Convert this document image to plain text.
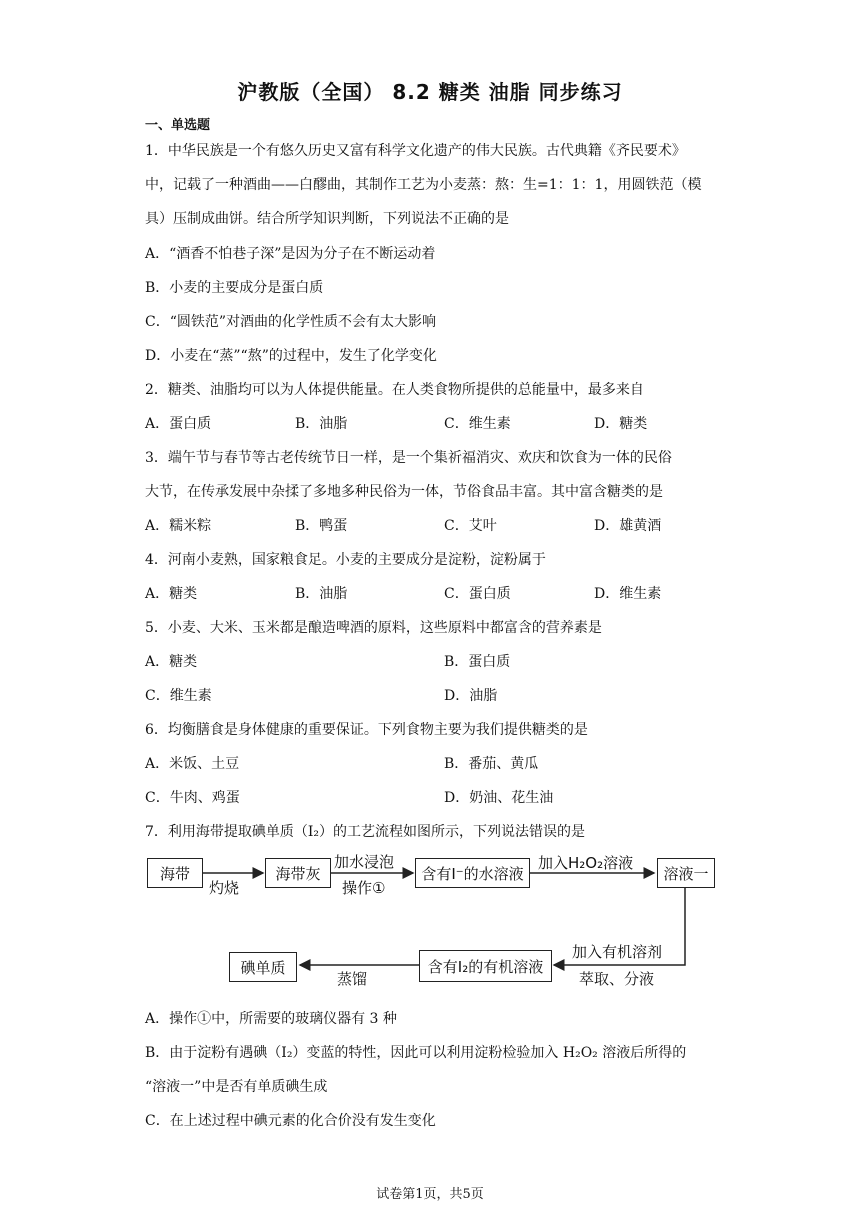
沪教版（全国） 8.2 糖类 油脂 同步练习
一、单选题
1．中华民族是一个有悠久历史又富有科学文化遗产的伟大民族。古代典籍《齐民要术》
中，记载了一种酒曲——白醪曲，其制作工艺为小麦蒸：熬：生=1：1：1，用圆铁范（模
具）压制成曲饼。结合所学知识判断，下列说法不正确的是
A．“酒香不怕巷子深”是因为分子在不断运动着
B．小麦的主要成分是蛋白质
C．“圆铁范”对酒曲的化学性质不会有太大影响
D．小麦在“蒸”“熬”的过程中，发生了化学变化
2．糖类、油脂均可以为人体提供能量。在人类食物所提供的总能量中，最多来自
A．蛋白质	B．油脂	C．维生素	D．糖类
3．端午节与春节等古老传统节日一样，是一个集祈福消灾、欢庆和饮食为一体的民俗
大节，在传承发展中杂揉了多地多种民俗为一体，节俗食品丰富。其中富含糖类的是
A．糯米粽	B．鸭蛋	C．艾叶	D．雄黄酒
4．河南小麦熟，国家粮食足。小麦的主要成分是淀粉，淀粉属于
A．糖类	B．油脂	C．蛋白质	D．维生素
5．小麦、大米、玉米都是酿造啤酒的原料，这些原料中都富含的营养素是
A．糖类	B．蛋白质
C．维生素	D．油脂
6．均衡膳食是身体健康的重要保证。下列食物主要为我们提供糖类的是
A．米饭、土豆	B．番茄、黄瓜
C．牛肉、鸡蛋	D．奶油、花生油
7．利用海带提取碘单质（I₂）的工艺流程如图所示，下列说法错误的是
海带
灼烧
海带灰
加水浸泡
操作①
含有I⁻的水溶液
加入H₂O₂溶液
溶液一
加入有机溶剂
萃取、分液
含有I₂的有机溶液
蒸馏
碘单质
A．操作①中，所需要的玻璃仪器有 3 种
B．由于淀粉有遇碘（I₂）变蓝的特性，因此可以利用淀粉检验加入 H₂O₂ 溶液后所得的
“溶液一”中是否有单质碘生成
C．在上述过程中碘元素的化合价没有发生变化
试卷第1页，共5页
